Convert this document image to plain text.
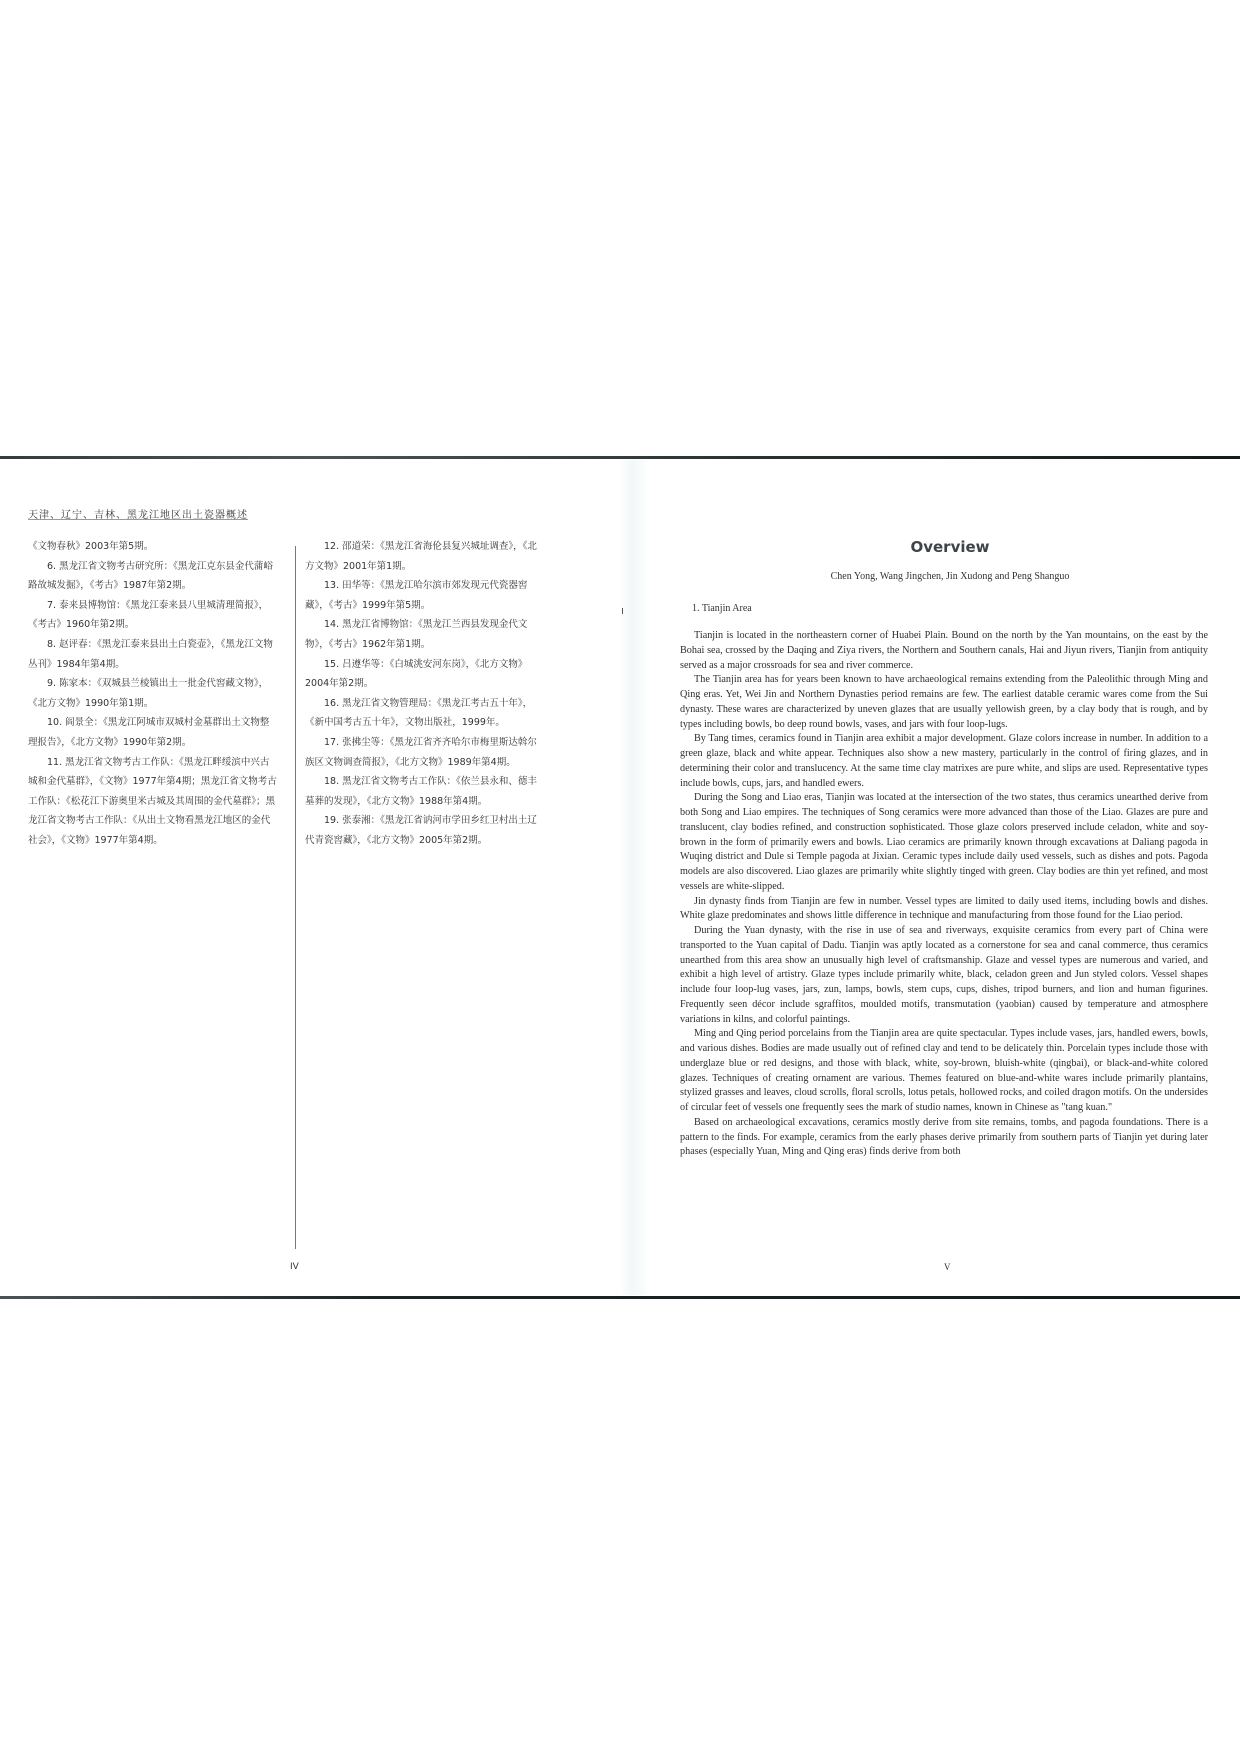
天津、辽宁、吉林、黑龙江地区出土瓷器概述

《文物春秋》2003年第5期。

6. 黑龙江省文物考古研究所：《黑龙江克东县金代蒲峪路故城发掘》，《考古》1987年第2期。

7. 泰来县博物馆：《黑龙江泰来县八里城清理简报》，《考古》1960年第2期。

8. 赵评春：《黑龙江泰来县出土白瓷壶》，《黑龙江文物丛刊》1984年第4期。

9. 陈家本：《双城县兰棱镇出土一批金代窖藏文物》，《北方文物》1990年第1期。

10. 阎景全：《黑龙江阿城市双城村金墓群出土文物整理报告》，《北方文物》1990年第2期。

11. 黑龙江省文物考古工作队：《黑龙江畔绥滨中兴古城和金代墓群》，《文物》1977年第4期；黑龙江省文物考古工作队：《松花江下游奥里米古城及其周围的金代墓群》；黑龙江省文物考古工作队：《从出土文物看黑龙江地区的金代社会》，《文物》1977年第4期。

12. 邵道荣：《黑龙江省海伦县复兴城址调查》，《北方文物》2001年第1期。

13. 田华等：《黑龙江哈尔滨市郊发现元代瓷器窖藏》，《考古》1999年第5期。

14. 黑龙江省博物馆：《黑龙江兰西县发现金代文物》，《考古》1962年第1期。

15. 吕遵华等：《白城洮安河东岗》，《北方文物》2004年第2期。

16. 黑龙江省文物管理局：《黑龙江考古五十年》，《新中国考古五十年》，文物出版社，1999年。

17. 张拂尘等：《黑龙江省齐齐哈尔市梅里斯达斡尔族区文物调查简报》，《北方文物》1989年第4期。

18. 黑龙江省文物考古工作队：《依兰县永和、德丰墓葬的发现》，《北方文物》1988年第4期。

19. 张泰湘：《黑龙江省讷河市学田乡红卫村出土辽代青瓷窖藏》，《北方文物》2005年第2期。

IV
Overview
Chen Yong, Wang Jingchen, Jin Xudong and Peng Shanguo
1. Tianjin Area

Tianjin is located in the northeastern corner of Huabei Plain. Bound on the north by the Yan mountains, on the east by the Bohai sea, crossed by the Daqing and Ziya rivers, the Northern and Southern canals, Hai and Jiyun rivers, Tianjin from antiquity served as a major crossroads for sea and river commerce.

The Tianjin area has for years been known to have archaeological remains extending from the Paleolithic through Ming and Qing eras. Yet, Wei Jin and Northern Dynasties period remains are few. The earliest datable ceramic wares come from the Sui dynasty. These wares are characterized by uneven glazes that are usually yellowish green, by a clay body that is rough, and by types including bowls, bo deep round bowls, vases, and jars with four loop-lugs.

By Tang times, ceramics found in Tianjin area exhibit a major development. Glaze colors increase in number. In addition to a green glaze, black and white appear. Techniques also show a new mastery, particularly in the control of firing glazes, and in determining their color and translucency. At the same time clay matrixes are pure white, and slips are used. Representative types include bowls, cups, jars, and handled ewers.

During the Song and Liao eras, Tianjin was located at the intersection of the two states, thus ceramics unearthed derive from both Song and Liao empires. The techniques of Song ceramics were more advanced than those of the Liao. Glazes are pure and translucent, clay bodies refined, and construction sophisticated. Those glaze colors preserved include celadon, white and soy-brown in the form of primarily ewers and bowls. Liao ceramics are primarily known through excavations at Daliang pagoda in Wuqing district and Dule si Temple pagoda at Jixian. Ceramic types include daily used vessels, such as dishes and pots. Pagoda models are also discovered. Liao glazes are primarily white slightly tinged with green. Clay bodies are thin yet refined, and most vessels are white-slipped.

Jin dynasty finds from Tianjin are few in number. Vessel types are limited to daily used items, including bowls and dishes. White glaze predominates and shows little difference in technique and manufacturing from those found for the Liao period.

During the Yuan dynasty, with the rise in use of sea and riverways, exquisite ceramics from every part of China were transported to the Yuan capital of Dadu. Tianjin was aptly located as a cornerstone for sea and canal commerce, thus ceramics unearthed from this area show an unusually high level of craftsmanship. Glaze and vessel types are numerous and varied, and exhibit a high level of artistry. Glaze types include primarily white, black, celadon green and Jun styled colors. Vessel shapes include four loop-lug vases, jars, zun, lamps, bowls, stem cups, cups, dishes, tripod burners, and lion and human figurines. Frequently seen décor include sgraffitos, moulded motifs, transmutation (yaobian) caused by temperature and atmosphere variations in kilns, and colorful paintings.

Ming and Qing period porcelains from the Tianjin area are quite spectacular. Types include vases, jars, handled ewers, bowls, and various dishes. Bodies are made usually out of refined clay and tend to be delicately thin. Porcelain types include those with underglaze blue or red designs, and those with black, white, soy-brown, bluish-white (qingbai), or black-and-white colored glazes. Techniques of creating ornament are various. Themes featured on blue-and-white wares include primarily plantains, stylized grasses and leaves, cloud scrolls, floral scrolls, lotus petals, hollowed rocks, and coiled dragon motifs. On the undersides of circular feet of vessels one frequently sees the mark of studio names, known in Chinese as "tang kuan."

Based on archaeological excavations, ceramics mostly derive from site remains, tombs, and pagoda foundations. There is a pattern to the finds. For example, ceramics from the early phases derive primarily from southern parts of Tianjin yet during later phases (especially Yuan, Ming and Qing eras) finds derive from both

V
